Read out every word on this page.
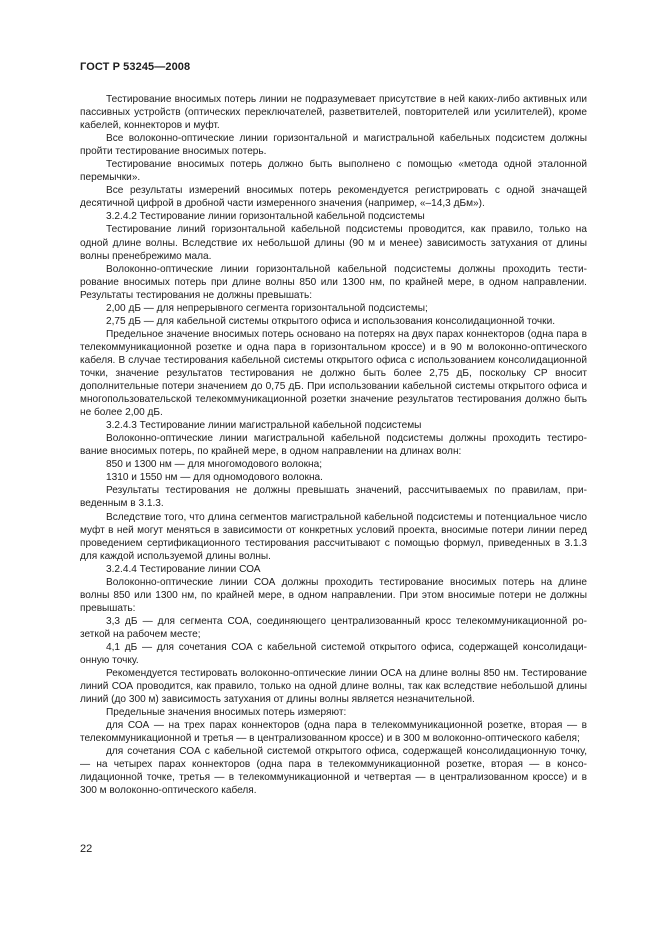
ГОСТ Р 53245—2008

Тестирование вносимых потерь линии не подразумевает присутствие в ней каких-либо активных или пассивных устройств (оптических переключателей, разветвителей, повторителей или усилителей), кроме кабелей, коннекторов и муфт.

Все волоконно-оптические линии горизонтальной и магистральной кабельных подсистем должны пройти тестирование вносимых потерь.

Тестирование вносимых потерь должно быть выполнено с помощью «метода одной эталонной перемычки».

Все результаты измерений вносимых потерь рекомендуется регистрировать с одной значащей десятичной цифрой в дробной части измеренного значения (например, «–14,3 дБм»).

3.2.4.2 Тестирование линии горизонтальной кабельной подсистемы

Тестирование линий горизонтальной кабельной подсистемы проводится, как правило, только на одной длине волны. Вследствие их небольшой длины (90 м и менее) зависимость затухания от длины волны пренебрежимо мала.

Волоконно-оптические линии горизонтальной кабельной подсистемы должны проходить тестирование вносимых потерь при длине волны 850 или 1300 нм, по крайней мере, в одном направлении. Результаты тестирования не должны превышать:

2,00 дБ — для непрерывного сегмента горизонтальной подсистемы;

2,75 дБ — для кабельной системы открытого офиса и использования консолидационной точки.

Предельное значение вносимых потерь основано на потерях на двух парах коннекторов (одна пара в телекоммуникационной розетке и одна пара в горизонтальном кроссе) и в 90 м волоконно-оптического кабеля. В случае тестирования кабельной системы открытого офиса с использованием консолидационной точки, значение результатов тестирования не должно быть более 2,75 дБ, поскольку СР вносит дополнительные потери значением до 0,75 дБ. При использовании кабельной системы открытого офиса и многопользовательской телекоммуникационной розетки значение результатов тестирования должно быть не более 2,00 дБ.

3.2.4.3 Тестирование линии магистральной кабельной подсистемы

Волоконно-оптические линии магистральной кабельной подсистемы должны проходить тестирование вносимых потерь, по крайней мере, в одном направлении на длинах волн:

850 и 1300 нм — для многомодового волокна;

1310 и 1550 нм — для одномодового волокна.

Результаты тестирования не должны превышать значений, рассчитываемых по правилам, приведенным в 3.1.3.

Вследствие того, что длина сегментов магистральной кабельной подсистемы и потенциальное число муфт в ней могут меняться в зависимости от конкретных условий проекта, вносимые потери линии перед проведением сертификационного тестирования рассчитывают с помощью формул, приведенных в 3.1.3 для каждой используемой длины волны.

3.2.4.4 Тестирование линии СОА

Волоконно-оптические линии СОА должны проходить тестирование вносимых потерь на длине волны 850 или 1300 нм, по крайней мере, в одном направлении. При этом вносимые потери не должны превышать:

3,3 дБ — для сегмента СОА, соединяющего централизованный кросс телекоммуникационной розеткой на рабочем месте;

4,1 дБ — для сочетания СОА с кабельной системой открытого офиса, содержащей консолидационную точку.

Рекомендуется тестировать волоконно-оптические линии ОСА на длине волны 850 нм. Тестирование линий СОА проводится, как правило, только на одной длине волны, так как вследствие небольшой длины линий (до 300 м) зависимость затухания от длины волны является незначительной.

Предельные значения вносимых потерь измеряют:

для СОА — на трех парах коннекторов (одна пара в телекоммуникационной розетке, вторая — в телекоммуникационной и третья — в централизованном кроссе) и в 300 м волоконно-оптического кабеля;

для сочетания СОА с кабельной системой открытого офиса, содержащей консолидационную точку, — на четырех парах коннекторов (одна пара в телекоммуникационной розетке, вторая — в консолидационной точке, третья — в телекоммуникационной и четвертая — в централизованном кроссе) и в 300 м волоконно-оптического кабеля.

22
